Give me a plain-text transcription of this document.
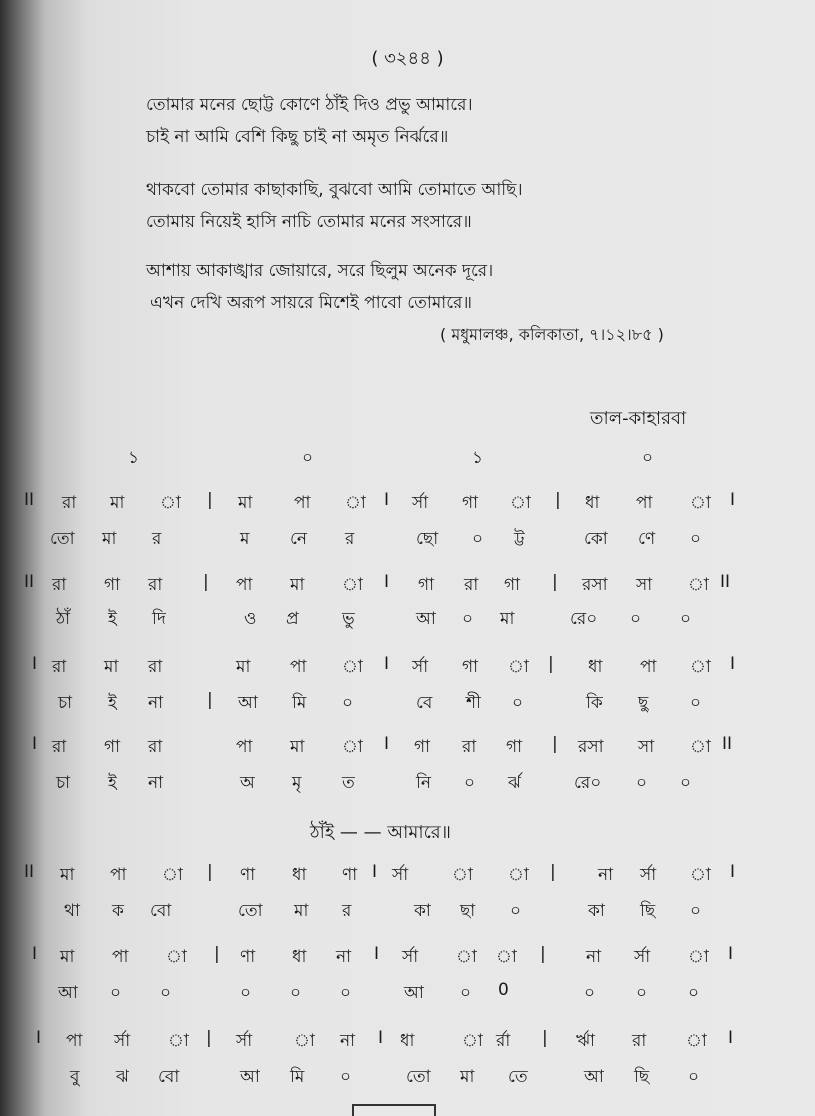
( ৩২৪৪ )
তোমার মনের ছোট্ট কোণে ঠাঁই দিও প্রভু আমারে।
চাই না আমি বেশি কিছু চাই না অমৃত নির্ঝরে॥
থাকবো তোমার কাছাকাছি, বুঝবো আমি তোমাতে আছি।
তোমায় নিয়েই হাসি নাচি তোমার মনের সংসারে॥
আশায় আকাঙ্খার জোয়ারে, সরে ছিলুম অনেক দূরে।
এখন দেখি অরূপ সায়রে মিশেই পাবো তোমারে॥
( মধুমালঞ্চ, কলিকাতা, ৭।১২।৮৫ )
তাল-কাহারবা
১	০	১	০
II রা মা া | মা পা া I র্সা গা া | ধা পা া I
তো মা র	ম নে র	ছো ০ ট্ট	কো ণে ০
II রা গা রা | পা মা া I গা রা গা | রসা সা া II
ঠাঁ ই দি	ও প্র	ভু	আ ০ মা	রে০ ০ ০
I রা মা রা	মা পা া I র্সা গা া | ধা পা া I
চা ই না	| আ মি ০	বে শী ০	কি ছু ০
I রা গা রা	পা মা া I গা রা গা | রসা সা া II
চা ই না	অ মৃ ত	নি ০ র্ঝ	রে০ ০ ০
ঠাঁই — — আমারে॥
II মা পা া | ণা ধা ণা I র্সা	া া | না র্সা া I
থা ক বো	তো মা র	কা ছা ০	কা ছি ০
I মা পা া | ণা ধা না I র্সা া া | না র্সা া I
আ ০ ০	০ ০ ০	আ ০ 0	০ ০ ০
I পা র্সা া | র্সা া না I ধা	া র্রা | র্ঋা রা া I
বু ঝ বো	আ মি ০	তো মা তে	আ ছি ০
